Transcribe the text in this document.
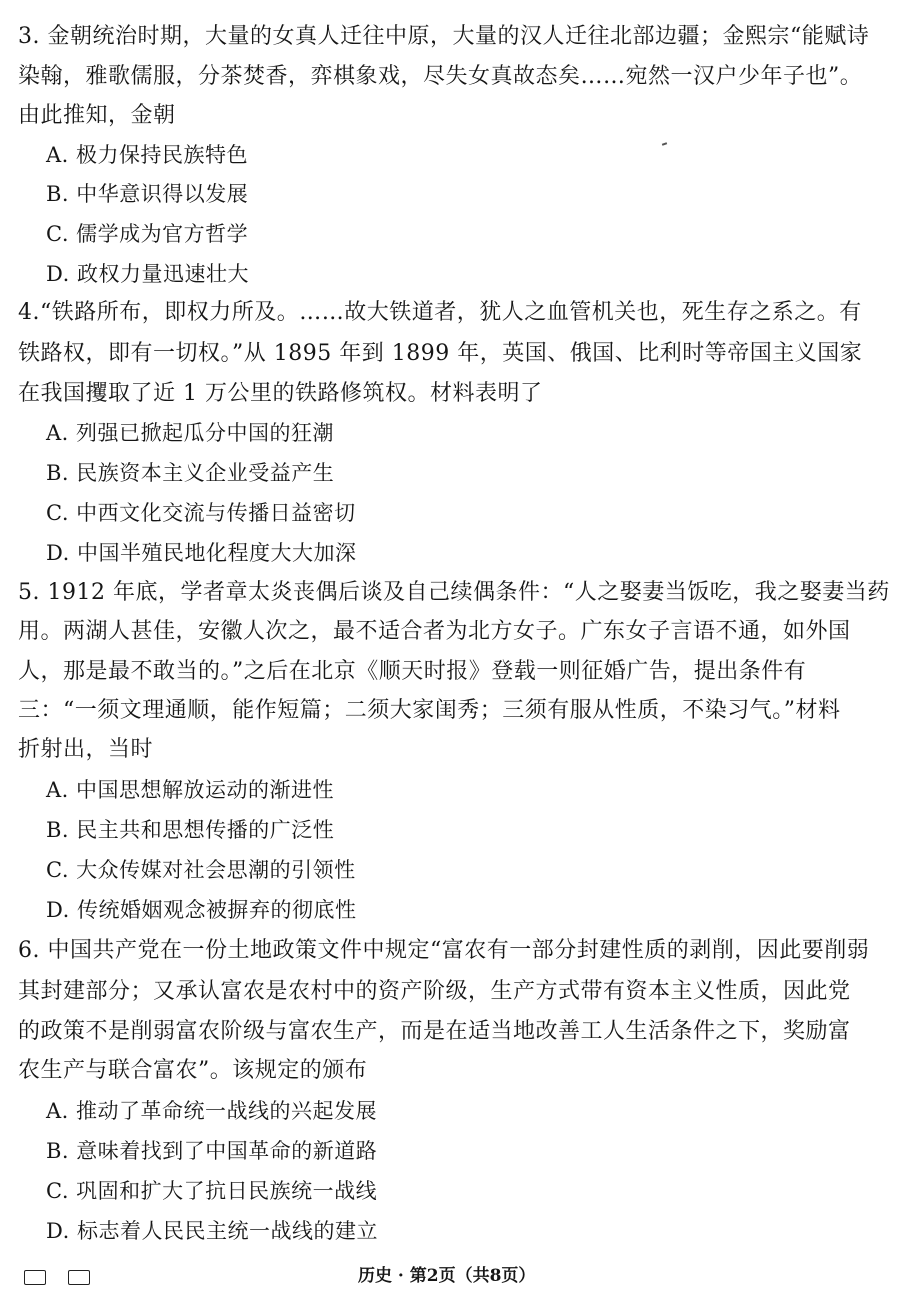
3. 金朝统治时期，大量的女真人迁往中原，大量的汉人迁往北部边疆；金熙宗“能赋诗
染翰，雅歌儒服，分茶焚香，弈棋象戏，尽失女真故态矣……宛然一汉户少年子也”。
由此推知，金朝
A. 极力保持民族特色
B. 中华意识得以发展
C. 儒学成为官方哲学
D. 政权力量迅速壮大
4.“铁路所布，即权力所及。……故大铁道者，犹人之血管机关也，死生存之系之。有
铁路权，即有一切权。”从 1895 年到 1899 年，英国、俄国、比利时等帝国主义国家
在我国攫取了近 1 万公里的铁路修筑权。材料表明了
A. 列强已掀起瓜分中国的狂潮
B. 民族资本主义企业受益产生
C. 中西文化交流与传播日益密切
D. 中国半殖民地化程度大大加深
5. 1912 年底，学者章太炎丧偶后谈及自己续偶条件：“人之娶妻当饭吃，我之娶妻当药
用。两湖人甚佳，安徽人次之，最不适合者为北方女子。广东女子言语不通，如外国
人，那是最不敢当的。”之后在北京《顺天时报》登载一则征婚广告，提出条件有
三：“一须文理通顺，能作短篇；二须大家闺秀；三须有服从性质，不染习气。”材料
折射出，当时
A. 中国思想解放运动的渐进性
B. 民主共和思想传播的广泛性
C. 大众传媒对社会思潮的引领性
D. 传统婚姻观念被摒弃的彻底性
6. 中国共产党在一份土地政策文件中规定“富农有一部分封建性质的剥削，因此要削弱
其封建部分；又承认富农是农村中的资产阶级，生产方式带有资本主义性质，因此党
的政策不是削弱富农阶级与富农生产，而是在适当地改善工人生活条件之下，奖励富
农生产与联合富农”。该规定的颁布
A. 推动了革命统一战线的兴起发展
B. 意味着找到了中国革命的新道路
C. 巩固和扩大了抗日民族统一战线
D. 标志着人民民主统一战线的建立
历史 · 第2页（共8页）
